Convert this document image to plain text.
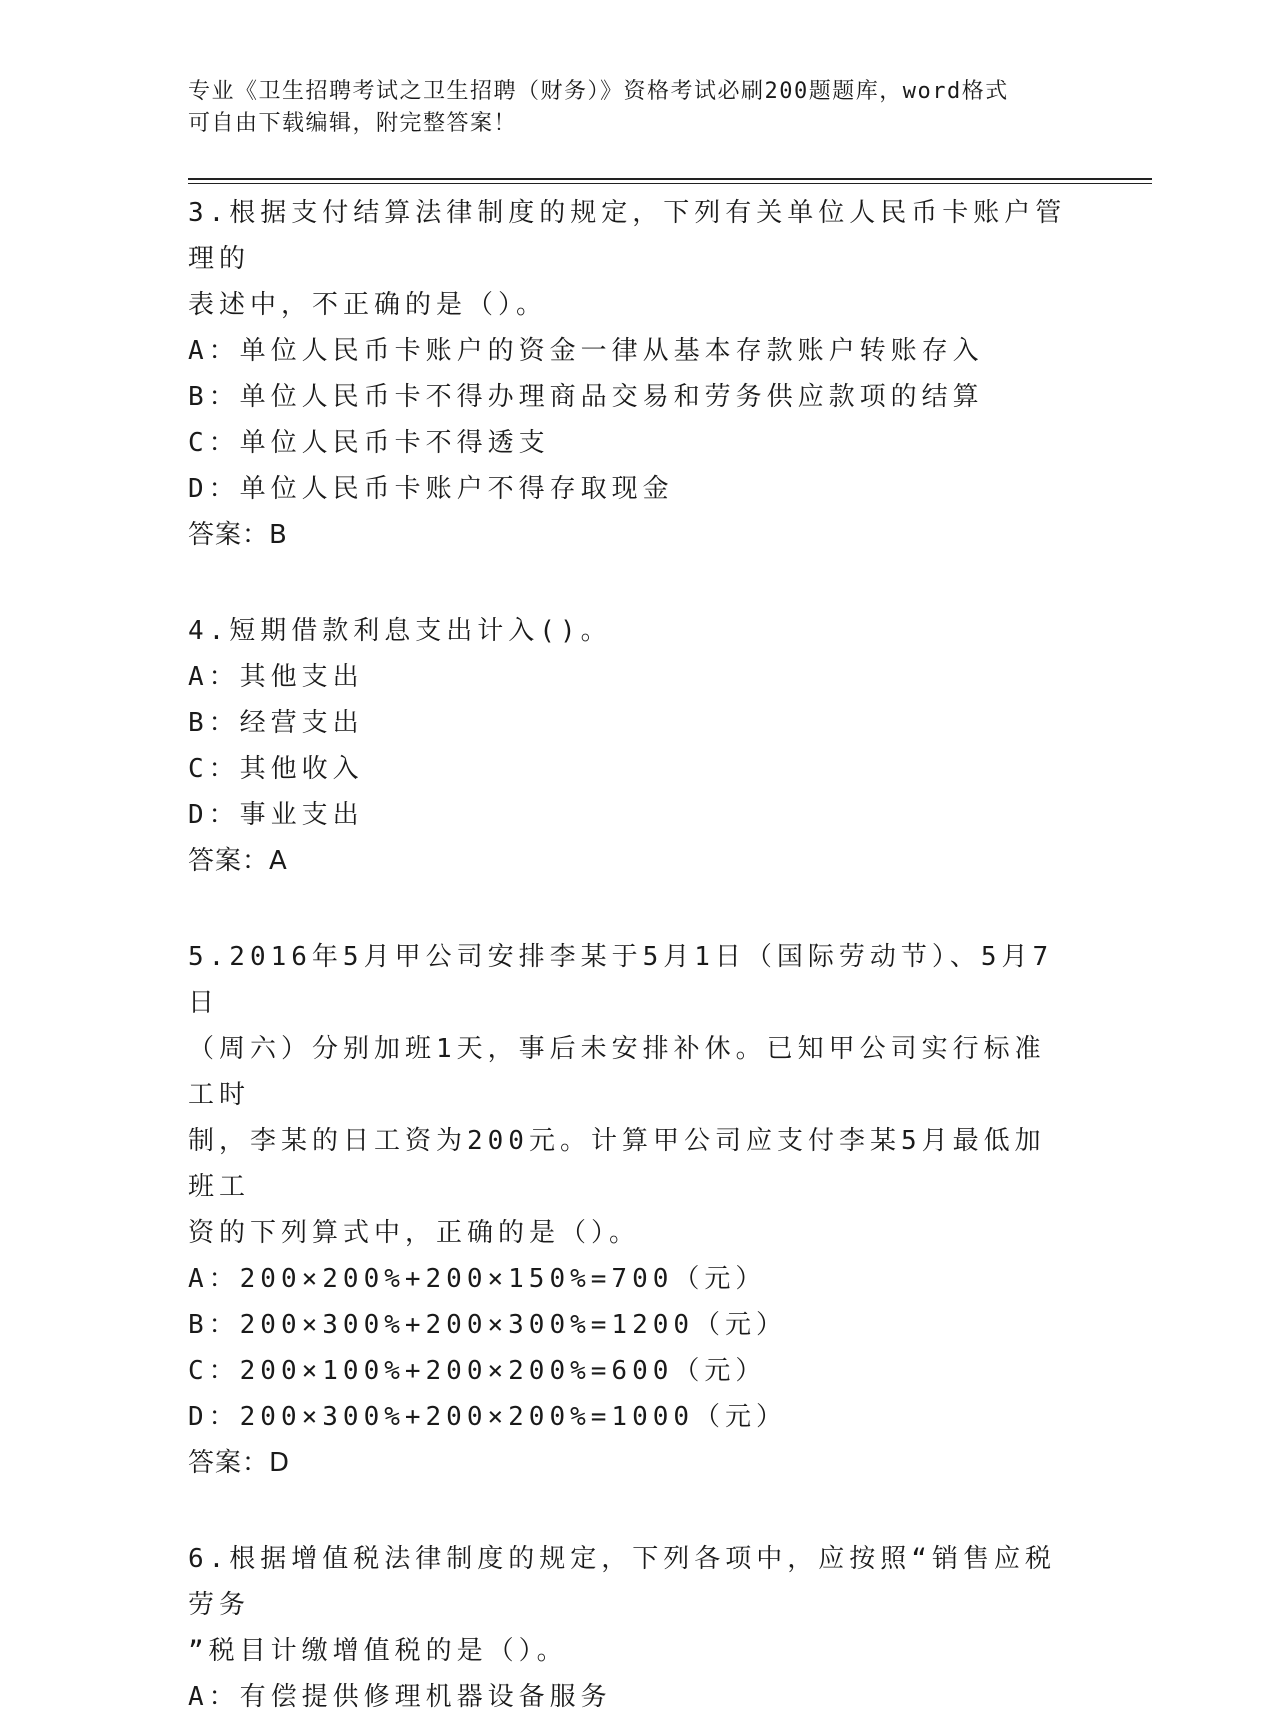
专业《卫生招聘考试之卫生招聘（财务）》资格考试必刷200题题库，word格式
可自由下载编辑，附完整答案！

3.根据支付结算法律制度的规定，下列有关单位人民币卡账户管理的

表述中，不正确的是（）。

A：单位人民币卡账户的资金一律从基本存款账户转账存入

B：单位人民币卡不得办理商品交易和劳务供应款项的结算

C：单位人民币卡不得透支

D：单位人民币卡账户不得存取现金

答案：B

4.短期借款利息支出计入()。

A：其他支出

B：经营支出

C：其他收入

D：事业支出

答案：A

5.2016年5月甲公司安排李某于5月1日（国际劳动节）、5月7日

（周六）分别加班1天，事后未安排补休。已知甲公司实行标准工时

制，李某的日工资为200元。计算甲公司应支付李某5月最低加班工

资的下列算式中，正确的是（）。

A：200×200%+200×150%=700（元）

B：200×300%+200×300%=1200（元）

C：200×100%+200×200%=600（元）

D：200×300%+200×200%=1000（元）

答案：D

6.根据增值税法律制度的规定，下列各项中，应按照“销售应税劳务

”税目计缴增值税的是（）。

A：有偿提供修理机器设备服务
